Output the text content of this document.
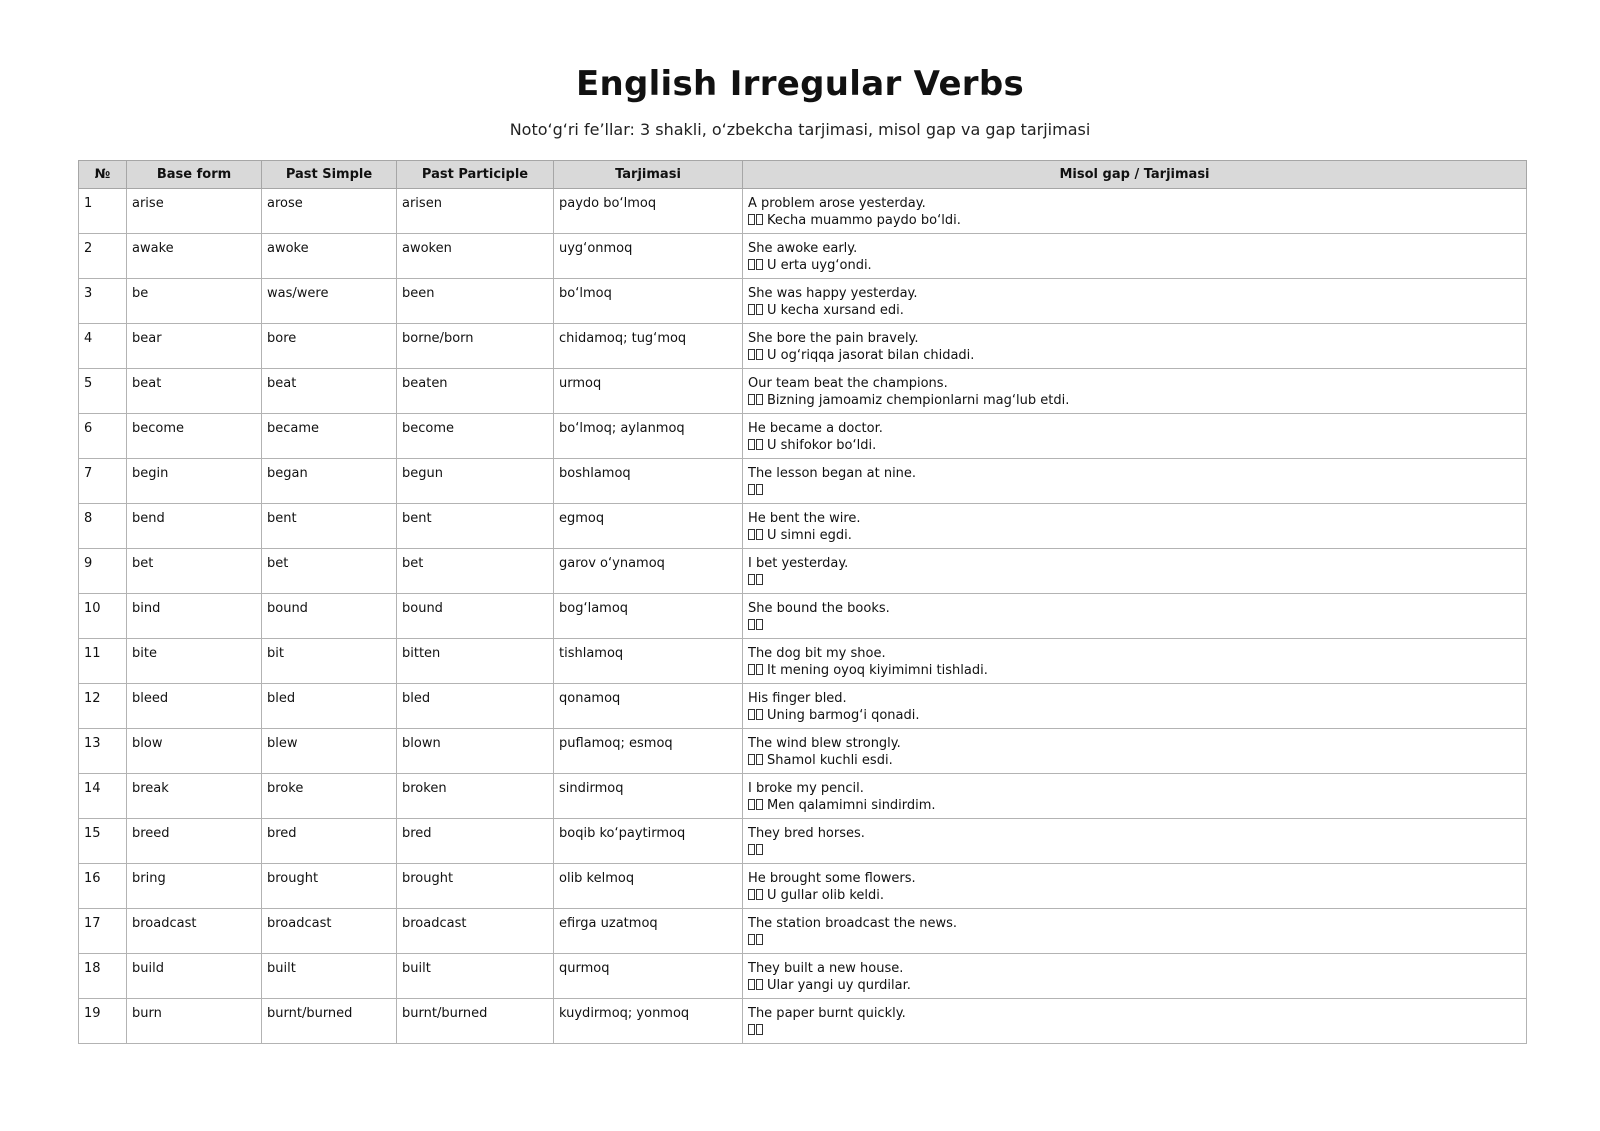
English Irregular Verbs
Noto‘g‘ri fe’llar: 3 shakli, o‘zbekcha tarjimasi, misol gap va gap tarjimasi
№	Base form	Past Simple	Past Participle	Tarjimasi	Misol gap / Tarjimasi
1	arise	arose	arisen	paydo bo‘lmoq	A problem arose yesterday.
Kecha muammo paydo bo‘ldi.

2	awake	awoke	awoken	uyg‘onmoq	She awoke early.
U erta uyg‘ondi.

3	be	was/were	been	bo‘lmoq	She was happy yesterday.
U kecha xursand edi.

4	bear	bore	borne/born	chidamoq; tug‘moq	She bore the pain bravely.
U og‘riqqa jasorat bilan chidadi.

5	beat	beat	beaten	urmoq	Our team beat the champions.
Bizning jamoamiz chempionlarni mag‘lub etdi.

6	become	became	become	bo‘lmoq; aylanmoq	He became a doctor.
U shifokor bo‘ldi.

7	begin	began	begun	boshlamoq	The lesson began at nine.

8	bend	bent	bent	egmoq	He bent the wire.
U simni egdi.

9	bet	bet	bet	garov o‘ynamoq	I bet yesterday.

10	bind	bound	bound	bog‘lamoq	She bound the books.

11	bite	bit	bitten	tishlamoq	The dog bit my shoe.
It mening oyoq kiyimimni tishladi.

12	bleed	bled	bled	qonamoq	His finger bled.
Uning barmog‘i qonadi.

13	blow	blew	blown	puflamoq; esmoq	The wind blew strongly.
Shamol kuchli esdi.

14	break	broke	broken	sindirmoq	I broke my pencil.
Men qalamimni sindirdim.

15	breed	bred	bred	boqib ko‘paytirmoq	They bred horses.

16	bring	brought	brought	olib kelmoq	He brought some flowers.
U gullar olib keldi.

17	broadcast	broadcast	broadcast	efirga uzatmoq	The station broadcast the news.

18	build	built	built	qurmoq	They built a new house.
Ular yangi uy qurdilar.

19	burn	burnt/burned	burnt/burned	kuydirmoq; yonmoq	The paper burnt quickly.
